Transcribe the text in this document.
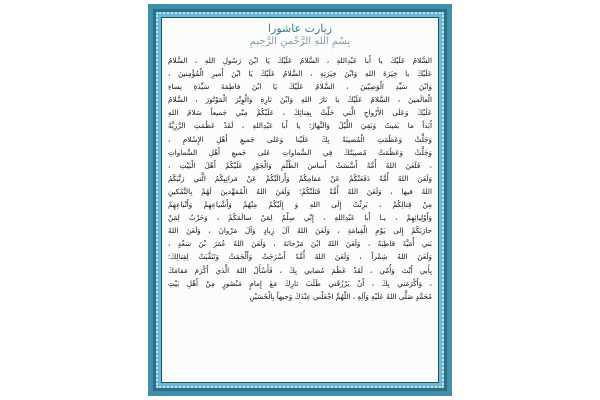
زیارت عاشورا
بِسْمِ اللهِ الرَّحْمنِ الرَّحِيمِ
السَّلامُ عَلَيْكَ يا أَبا عَبْدِاللهِ ، السَّلامُ عَلَيْكَ يَا ابْنَ رَسُولِ اللهِ ، السَّلامُ
عَلَيْكَ يا خِيَرَةَ اللهِ وَابْنَ خِيَرَتِهِ ، السَّلامُ عَلَيْكَ يَا ابْنَ أَميرِ الْمُؤْمِنينَ ،
وَابْنَ سَيِّدِ الْوَصِيّينَ ، السَّلامُ عَلَيْكَ يَا ابْنَ فاطِمَةَ سَيِّدَةِ نِساءِ
الْعالَمينَ ، السَّلامُ عَلَيْكَ يا ثارَ اللهِ وَابْنَ ثارِهِ وَالْوِتْرَ الْمَوْتُورَ ، السَّلامُ
عَلَيْكَ وَعَلَى الأَرْواحِ الَّتي حَلَّتْ بِفِنائِكَ ، عَلَيْكُمْ مِنّي جَميعاً سَلامُ اللهِ
أَبَداً ما بَقيتُ وَبَقِيَ اللَّيْلُ وَالنَّهارُ؛ يا أَبا عَبْدِاللهِ ، لَقَدْ عَظُمَتِ الرَّزِيَّةُ
وَجَلَّتْ وَعَظُمَتِ الْمُصيبَةُ بِكَ عَلَيْنا وَعَلى جَميعِ أَهْلِ الإِسْلامِ ،
وَجَلَّتْ وَعَظُمَتْ مُصيبَتُكَ فِي السَّماواتِ عَلى جَميعِ أَهْلِ السَّماواتِ
، فَلَعَنَ اللهُ أُمَّةً أَسَّسَتْ أَساسَ الظُّلْمِ وَالْجَوْرِ عَلَيْكُمْ أَهْلَ الْبَيْتِ ،
وَلَعَنَ اللهُ أُمَّةً دَفَعَتْكُمْ عَنْ مَقامِكُمْ وَأَزالَتْكُمْ عَنْ مَراتِبِكُمُ الَّتي رَتَّبَكُمُ
اللهُ فيها ، وَلَعَنَ اللهُ أُمَّةً قَتَلَتْكُمْ؛ وَلَعَنَ اللهُ الْمُمَهِّدينَ لَهُمْ بِالتَّمْكينِ
مِنْ قِتالِكُمْ ، بَرِئْتُ إِلَى اللهِ وَ إِلَيْكُمْ مِنْهُمْ وَأَشْياعِهِمْ وَأَتْباعِهِمْ
وَأَوْلِيائِهِمْ ، يـا أَبا عَبْدِاللهِ ، إِنّي سِلْمٌ لِمَنْ سالَمَكُمْ ، وَحَرْبٌ لِمَنْ
حارَبَكُمْ إِلى يَوْمِ الْقِيامَةِ ، وَلَعَنَ اللهُ آلَ زِيادٍ وَآلَ مَرْوانَ ، وَلَعَنَ اللهُ
بَني أُمَيَّةَ قاطِبَةً ، وَلَعَنَ اللهُ ابْنَ مَرْجانَةَ ، وَلَعَنَ اللهُ عُمَرَ بْنَ سَعْدٍ ،
وَلَعَنَ اللهُ شِمْراً ، وَلَعَنَ اللهُ أُمَّةً أَسْرَجَتْ وَأَلْجَمَتْ وَتَنَقَّبَتْ لِقِتالِكَ؛
بِأَبي أَنْتَ وَأُمّي ، لَقَدْ عَظُمَ مُصابي بِكَ ، فَأَسْأَلُ اللهَ الَّذي أَكْرَمَ مَقامَكَ
، وَأَكْرَمَني بِكَ ، أَنْ يَرْزُقَني طَلَبَ ثارِكَ مَعَ إِمامٍ مَنْصُورٍ مِنْ أَهْلِ بَيْتِ
مُحَمَّدٍ صَلَّى اللهُ عَلَيْهِ وَآلِهِ ، اللّهُمَّ اجْعَلْني عِنْدَكَ وَجيهاً بِالْحُسَيْنِ
